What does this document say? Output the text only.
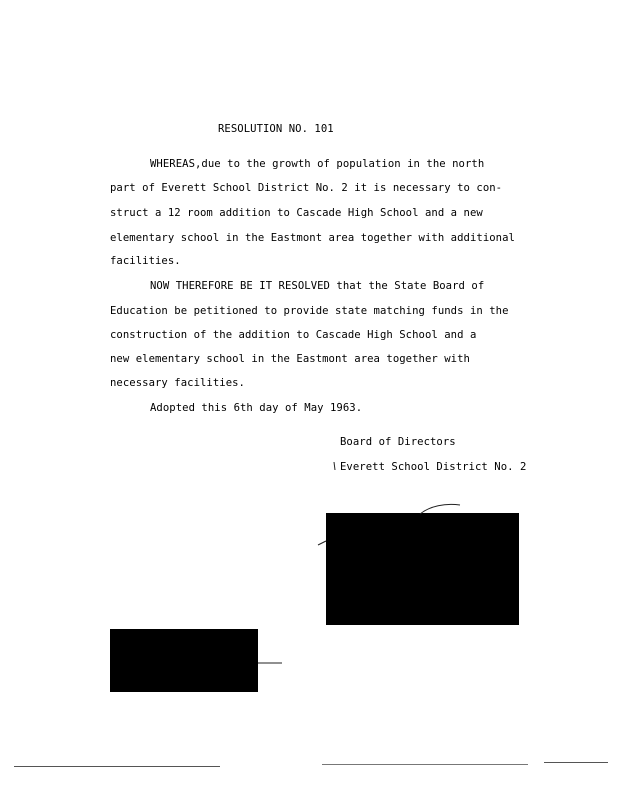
RESOLUTION NO. 101
WHEREAS,due to the growth of population in the north
part of Everett School District No. 2 it is necessary to con-
struct a 12 room addition to Cascade High School and a new
elementary school in the Eastmont area together with additional
facilities.
NOW THEREFORE BE IT RESOLVED that the State Board of
Education be petitioned to provide state matching funds in the
construction of the addition to Cascade High School and a
new elementary school in the Eastmont area together with
necessary facilities.
Adopted this 6th day of May 1963.
Board of Directors
Everett School District No. 2
